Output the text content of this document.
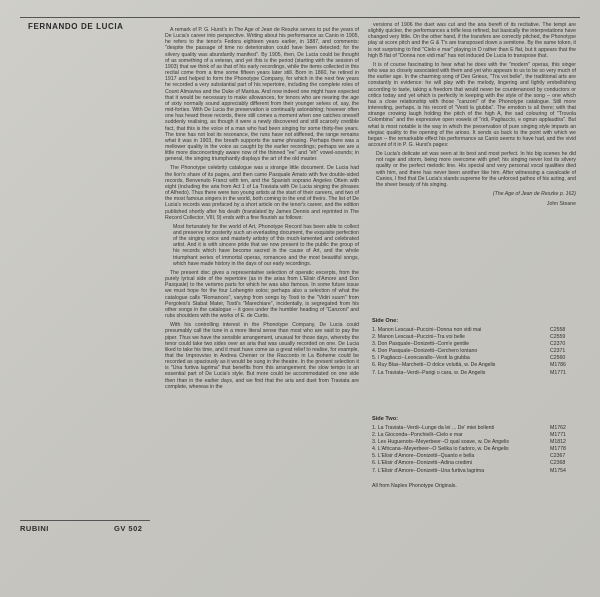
FERNANDO DE LUCIA	A remark of P. G. Hurst's in The Age of Jean de Reszke serves to put the years of De Lucia's career into perspective. Writing about his performance as Canio in 1905, he refers to the tenor's Fedora eighteen years earlier, in 1887, and comments: "despite the passage of time no deterioration could have been detected; for the silvery quality was abundantly manifest". By 1905, then, De Lucia could be thought of as something of a veteran, and yet this is the period (starting with the session of 1903) that we think of as that of his early recordings, while the items collected in this recital come from a time some fifteen years later still. Born in 1860, he retired in 1917 and helped to form the Phonotype Company, for which in the next few years he recorded a very substantial part of his repertoire, including the complete roles of Count Almaviva and the Duke of Mantua. And now indeed one might have expected that it would be necessary to make allowances, for tenors who are nearing the age of sixty normally sound appreciably different from their younger selves of, say, the mid-forties. With De Lucia the preservation is continually astonishing; however often one has heard these records, there still comes a moment when one catches oneself suddenly realising, as though it were a newly discovered and still scarcely credible fact, that this is the voice of a man who had been singing for some thirty-five years. The tone has not lost its resonance, the runs have not stiffened, the range remains what it was in 1903, the breath supports the same phrasing. Perhaps there was a mellower quality in the voice as caught by the earlier recordings; perhaps we are a little more disconcertingly aware now of the thinned "ee" and "eh" vowel-sounds; in general, the singing triumphantly displays the art of the old master.

The Phonotype celebrity catalogue was a strange little document. De Lucia had the lion's share of its pages, and then came Pasquale Amato with five double-sided records, Benvenuto Franci with ten, and the Spanish soprano Angeles Ottein with eight (including the aria from Act 1 of La Traviata with De Lucia singing the phrases of Alfredo). Thus there were two young artists at the start of their careers, and two of the most famous singers in the world, both coming to the end of theirs. The list of De Lucia's records was prefaced by a short article on the tenor's career, and the edition published shortly after his death (translated by James Dennis and reprinted in The Record Collector, VIII, 9) ends with a fine flourish as follows:

Most fortunately for the world of Art, Phonotype Record has been able to collect and preserve for posterity such an everlasting document, the exquisite perfection of the singing voice and masterly artistry of this much-lamented and celebrated artist. And it is with sincere pride that we now present to the public the group of his records which have become sacred in the cause of Art, and the whole triumphant series of immortal operas, romances and the most beautiful songs, which have made history in the days of our early recordings.

The present disc gives a representative selection of operatic excerpts, from the purely lyrical side of the repertoire (as in the arias from L'Elisir d'Amore and Don Pasquale) to the verismo parts for which he was also famous. In some future issue we must hope for the four Lohengrin solos; perhaps also a selection of what the catalogue calls "Romances", varying from songs by Tosti to the "Vidiri suum" from Pergolesi's Stabat Mater, Tosti's "Marechiare", incidentally, is segregated from his other songs in the catalogue -- it goes under the humbler heading of "Canzoni" and rubs shoulders with the works of E. de Curtis.

With his controlling interest in the Phonotype Company, De Lucia could presumably call the tune in a more literal sense than most who are said to pay the piper. Thus we have the sensible arrangement, unusual for those days, whereby the tenor could take two sides over an aria that was usually recorded on one. De Lucia liked to take his time, and it must have come as a great relief to realise, for example, that the Improvviso in Andrea Chenier or the Racconto in La Boheme could be recorded as spaciously as it would be sung in the theatre. In the present selection it is "Una furtiva lagrima" that benefits from this arrangement; the slow tempo is an essential part of De Lucia's style. But more could be accommodated on one side then than in the earlier days, and we find that the aria and duet from Traviata are complete, whereas in the

versions of 1906 the duet was cut and the aria bereft of its recitative. The tempi are slightly quicker, the performances a trifle less refined, but basically the interpretations have changed very little. On the other hand, if the transfers are correctly pitched, the Phonotype play at score pitch and the G & T's are transposed down a semitone. By the same token, it is not surprising to find "Cielo e mar" playing in D rather than E flat, but it appears that the high B flat of "Donna non vidi mai" has not induced De Lucia to transpose that.

It is of course fascinating to hear what he does with the "modern" operas, this singer who was so closely associated with them and yet who appears to us to be so very much of the earlier age. In the charming song of Des Grieux, "Tra voi belle", the traditional arts are constantly in evidence: he will play with the melody, lingering and lightly embellishing according to taste, taking a freedom that would never be countenanced by conductors or critics today and yet which is perfectly in keeping with the style of the song -- one which has a close relationship with those "canzoni" of the Phonotype catalogue. Still more interesting, perhaps, is his record of "Vesti la giubba". The emotion is all there; with that strange crowing laugh holding the pitch of the high A, the sad colouring of "Trovola Colombina" and the expressive open vowels of "ridi, Pagliaccio, e ognun applaudira". But what is most notable is the way in which the preservation of pure singing style imparts an elegiac quality to the opening of the arioso. It sends us back to the point with which we began -- the remarkable effect his performance as Canio seems to have had, and the vivid account of it in P. G. Hurst's pages:

De Lucia's delicate art was seen at its best and most perfect. In his big scenes he did not rage and storm, being more overcome with grief; his singing never lost its silvery quality or the perfect melodic line. His special and very personal vocal qualities died with him, and there has never been another like him. After witnessing a cavalcade of Canios, I find that De Lucia's stands supreme for the unforced pathos of his acting, and the sheer beauty of his singing.

(The Age of Jean de Reszke p. 162)
John Steane
Side One:
1. Manon Lescaut--Puccini--Donna non vidi mai	C2558
2. Manon Lescaut--Puccini--Tra voi belle	C2559
3. Don Pasquale--Donizetti--Com'e gentile	C2370
4. Don Pasquale--Donizetti--Cerchero lontano	C2371
5. I Pagliacci--Leoncavallo--Vesti la giubba	C2560
6. Ruy Blas--Marchetti--O dolce voluttà, w. De Angelis	M1786
7. La Traviata--Verdi--Parigi o cara, w. De Angelis	M1771
Side Two:
1. La Traviata--Verdi--Lunge da lei ... De' miei bollenti	M1762
2. La Gioconda--Ponchielli--Cielo e mar	M1771
3. Les Huguenots--Meyerbeer--O qual soave, w. De Angelis	M1812
4. L'Africana--Meyerbeer--O Selika io t'adoro, w. De Angelis	M1778
5. L'Elisir d'Amore--Donizetti--Quanto e bella	C2367
6. L'Elisir d'Amore--Donizetti--Adina credimi	C2368
7. L'Elisir d'Amore--Donizetti--Una furtiva lagrima	M1754
All from Naples Phonotype Originals.
RUBINI	GV 502
